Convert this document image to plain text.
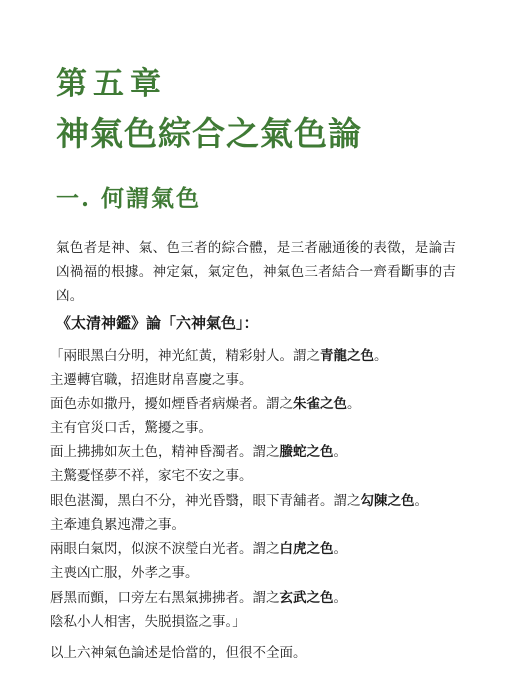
第五章
神氣色綜合之氣色論
一. 何謂氣色
氣色者是神、氣、色三者的綜合體，是三者融通後的表徵，是論吉凶禍福的根據。神定氣，氣定色，神氣色三者結合一齊看斷事的吉凶。
《太清神鑑》論「六神氣色」：
「兩眼黑白分明，神光紅黃，精彩射人。謂之青龍之色。
主遷轉官職，招進財帛喜慶之事。
面色赤如撒丹，擾如煙昏者病燥者。謂之朱雀之色。
主有官災口舌，驚擾之事。
面上拂拂如灰土色，精神昏濁者。謂之螣蛇之色。
主驚憂怪夢不祥，家宅不安之事。
眼色湛濁，黑白不分，神光昏翳，眼下青舖者。謂之勾陳之色。
主牽連負累迍滯之事。
兩眼白氣閃，似淚不淚瑩白光者。謂之白虎之色。
主喪凶亡服，外孝之事。
唇黑而顫，口旁左右黑氣拂拂者。謂之玄武之色。
陰私小人相害，失脱損盜之事。」
以上六神氣色論述是恰當的，但很不全面。
